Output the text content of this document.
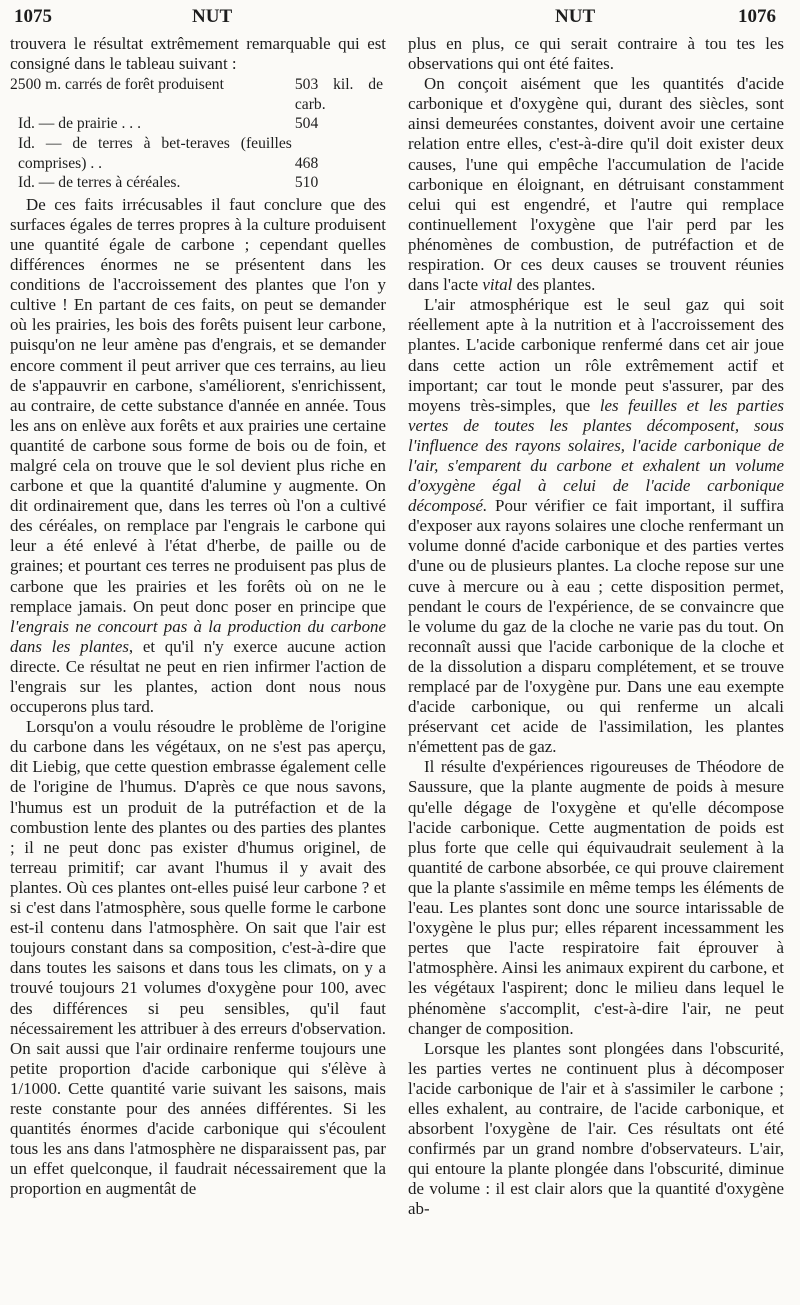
1075	NUT	NUT	1076

trouvera le résultat extrêmement remarquable qui est consigné dans le tableau suivant :

2500 m. carrés de forêt produisent	503 kil. de carb.
Id. — de prairie . . .	504
Id. — de terres à bet-teraves (feuilles comprises) . .	468
Id. — de terres à céréales.	510

De ces faits irrécusables il faut conclure que des surfaces égales de terres propres à la culture produisent une quantité égale de carbone ; cependant quelles différences énormes ne se présentent dans les conditions de l'accroissement des plantes que l'on y cultive ! En partant de ces faits, on peut se demander où les prairies, les bois des forêts puisent leur carbone, puisqu'on ne leur amène pas d'engrais, et se demander encore comment il peut arriver que ces terrains, au lieu de s'appauvrir en carbone, s'améliorent, s'enrichissent, au contraire, de cette substance d'année en année. Tous les ans on enlève aux forêts et aux prairies une certaine quantité de carbone sous forme de bois ou de foin, et malgré cela on trouve que le sol devient plus riche en carbone et que la quantité d'alumine y augmente. On dit ordinairement que, dans les terres où l'on a cultivé des céréales, on remplace par l'engrais le carbone qui leur a été enlevé à l'état d'herbe, de paille ou de graines; et pourtant ces terres ne produisent pas plus de carbone que les prairies et les forêts où on ne le remplace jamais. On peut donc poser en principe que l'engrais ne concourt pas à la production du carbone dans les plantes, et qu'il n'y exerce aucune action directe. Ce résultat ne peut en rien infirmer l'action de l'engrais sur les plantes, action dont nous nous occuperons plus tard.

Lorsqu'on a voulu résoudre le problème de l'origine du carbone dans les végétaux, on ne s'est pas aperçu, dit Liebig, que cette question embrasse également celle de l'origine de l'humus. D'après ce que nous savons, l'humus est un produit de la putréfaction et de la combustion lente des plantes ou des parties des plantes ; il ne peut donc pas exister d'humus originel, de terreau primitif; car avant l'humus il y avait des plantes. Où ces plantes ont-elles puisé leur carbone ? et si c'est dans l'atmosphère, sous quelle forme le carbone est-il contenu dans l'atmosphère. On sait que l'air est toujours constant dans sa composition, c'est-à-dire que dans toutes les saisons et dans tous les climats, on y a trouvé toujours 21 volumes d'oxygène pour 100, avec des différences si peu sensibles, qu'il faut nécessairement les attribuer à des erreurs d'observation. On sait aussi que l'air ordinaire renferme toujours une petite proportion d'acide carbonique qui s'élève à 1/1000. Cette quantité varie suivant les saisons, mais reste constante pour des années différentes. Si les quantités énormes d'acide carbonique qui s'écoulent tous les ans dans l'atmosphère ne disparaissent pas, par un effet quelconque, il faudrait nécessairement que la proportion en augmentât de

plus en plus, ce qui serait contraire à tou tes les observations qui ont été faites.

On conçoit aisément que les quantités d'acide carbonique et d'oxygène qui, durant des siècles, sont ainsi demeurées constantes, doivent avoir une certaine relation entre elles, c'est-à-dire qu'il doit exister deux causes, l'une qui empêche l'accumulation de l'acide carbonique en éloignant, en détruisant constamment celui qui est engendré, et l'autre qui remplace continuellement l'oxygène que l'air perd par les phénomènes de combustion, de putréfaction et de respiration. Or ces deux causes se trouvent réunies dans l'acte vital des plantes.

L'air atmosphérique est le seul gaz qui soit réellement apte à la nutrition et à l'accroissement des plantes. L'acide carbonique renfermé dans cet air joue dans cette action un rôle extrêmement actif et important; car tout le monde peut s'assurer, par des moyens très-simples, que les feuilles et les parties vertes de toutes les plantes décomposent, sous l'influence des rayons solaires, l'acide carbonique de l'air, s'emparent du carbone et exhalent un volume d'oxygène égal à celui de l'acide carbonique décomposé. Pour vérifier ce fait important, il suffira d'exposer aux rayons solaires une cloche renfermant un volume donné d'acide carbonique et des parties vertes d'une ou de plusieurs plantes. La cloche repose sur une cuve à mercure ou à eau ; cette disposition permet, pendant le cours de l'expérience, de se convaincre que le volume du gaz de la cloche ne varie pas du tout. On reconnaît aussi que l'acide carbonique de la cloche et de la dissolution a disparu complétement, et se trouve remplacé par de l'oxygène pur. Dans une eau exempte d'acide carbonique, ou qui renferme un alcali préservant cet acide de l'assimilation, les plantes n'émettent pas de gaz.

Il résulte d'expériences rigoureuses de Théodore de Saussure, que la plante augmente de poids à mesure qu'elle dégage de l'oxygène et qu'elle décompose l'acide carbonique. Cette augmentation de poids est plus forte que celle qui équivaudrait seulement à la quantité de carbone absorbée, ce qui prouve clairement que la plante s'assimile en même temps les éléments de l'eau. Les plantes sont donc une source intarissable de l'oxygène le plus pur; elles réparent incessamment les pertes que l'acte respiratoire fait éprouver à l'atmosphère. Ainsi les animaux expirent du carbone, et les végétaux l'aspirent; donc le milieu dans lequel le phénomène s'accomplit, c'est-à-dire l'air, ne peut changer de composition.

Lorsque les plantes sont plongées dans l'obscurité, les parties vertes ne continuent plus à décomposer l'acide carbonique de l'air et à s'assimiler le carbone ; elles exhalent, au contraire, de l'acide carbonique, et absorbent l'oxygène de l'air. Ces résultats ont été confirmés par un grand nombre d'observateurs. L'air, qui entoure la plante plongée dans l'obscurité, diminue de volume : il est clair alors que la quantité d'oxygène ab-
